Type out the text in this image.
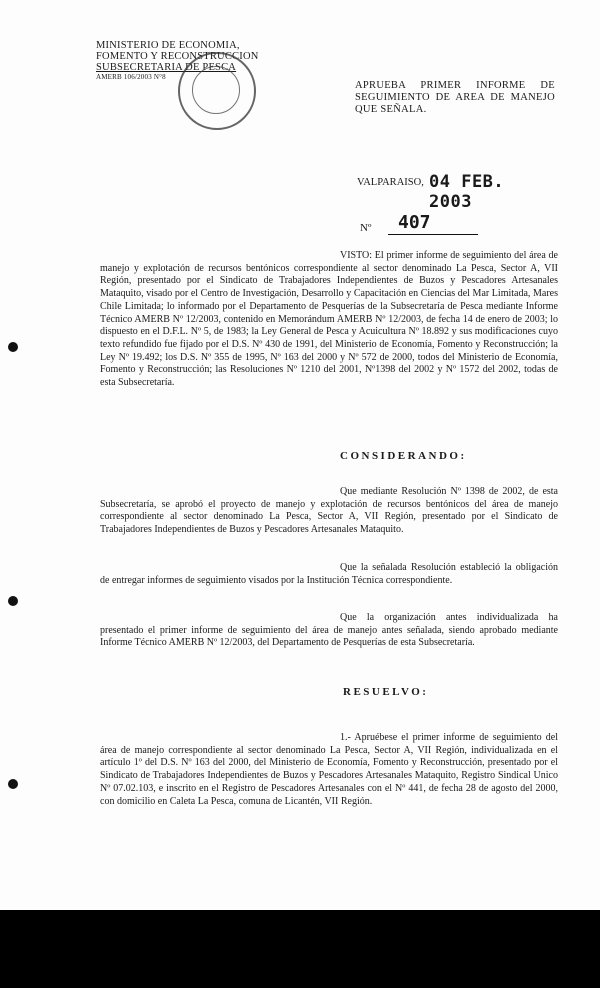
MINISTERIO DE ECONOMIA,
FOMENTO Y RECONSTRUCCION
SUBSECRETARIA DE PESCA
AMERB 106/2003 N°8
APRUEBA PRIMER INFORME DE SEGUIMIENTO DE AREA DE MANEJO QUE SEÑALA.
VALPARAISO, 04 FEB. 2003
Nº 407

VISTO: El primer informe de seguimiento del área de manejo y explotación de recursos bentónicos correspondiente al sector denominado La Pesca, Sector A, VII Región, presentado por el Sindicato de Trabajadores Independientes de Buzos y Pescadores Artesanales Mataquito, visado por el Centro de Investigación, Desarrollo y Capacitación en Ciencias del Mar Limitada, Mares Chile Limitada; lo informado por el Departamento de Pesquerías de la Subsecretaría de Pesca mediante Informe Técnico AMERB Nº 12/2003, contenido en Memorándum AMERB Nº 12/2003, de fecha 14 de enero de 2003; lo dispuesto en el D.F.L. Nº 5, de 1983; la Ley General de Pesca y Acuicultura Nº 18.892 y sus modificaciones cuyo texto refundido fue fijado por el D.S. Nº 430 de 1991, del Ministerio de Economía, Fomento y Reconstrucción; la Ley Nº 19.492; los D.S. Nº 355 de 1995, Nº 163 del 2000 y Nº 572 de 2000, todos del Ministerio de Economía, Fomento y Reconstrucción; las Resoluciones Nº 1210 del 2001, Nº1398 del 2002 y Nº 1572 del 2002, todas de esta Subsecretaría.

CONSIDERANDO:

Que mediante Resolución Nº 1398 de 2002, de esta Subsecretaría, se aprobó el proyecto de manejo y explotación de recursos bentónicos del área de manejo correspondiente al sector denominado La Pesca, Sector A, VII Región, presentado por el Sindicato de Trabajadores Independientes de Buzos y Pescadores Artesanales Mataquito.

Que la señalada Resolución estableció la obligación de entregar informes de seguimiento visados por la Institución Técnica correspondiente.

Que la organización antes individualizada ha presentado el primer informe de seguimiento del área de manejo antes señalada, siendo aprobado mediante Informe Técnico AMERB Nº 12/2003, del Departamento de Pesquerías de esta Subsecretaría.

RESUELVO:

1.- Apruébese el primer informe de seguimiento del área de manejo correspondiente al sector denominado La Pesca, Sector A, VII Región, individualizada en el artículo 1º del D.S. Nº 163 del 2000, del Ministerio de Economía, Fomento y Reconstrucción, presentado por el Sindicato de Trabajadores Independientes de Buzos y Pescadores Artesanales Mataquito, Registro Sindical Unico Nº 07.02.103, e inscrito en el Registro de Pescadores Artesanales con el Nº 441, de fecha 28 de agosto del 2000, con domicilio en Caleta La Pesca, comuna de Licantén, VII Región.
